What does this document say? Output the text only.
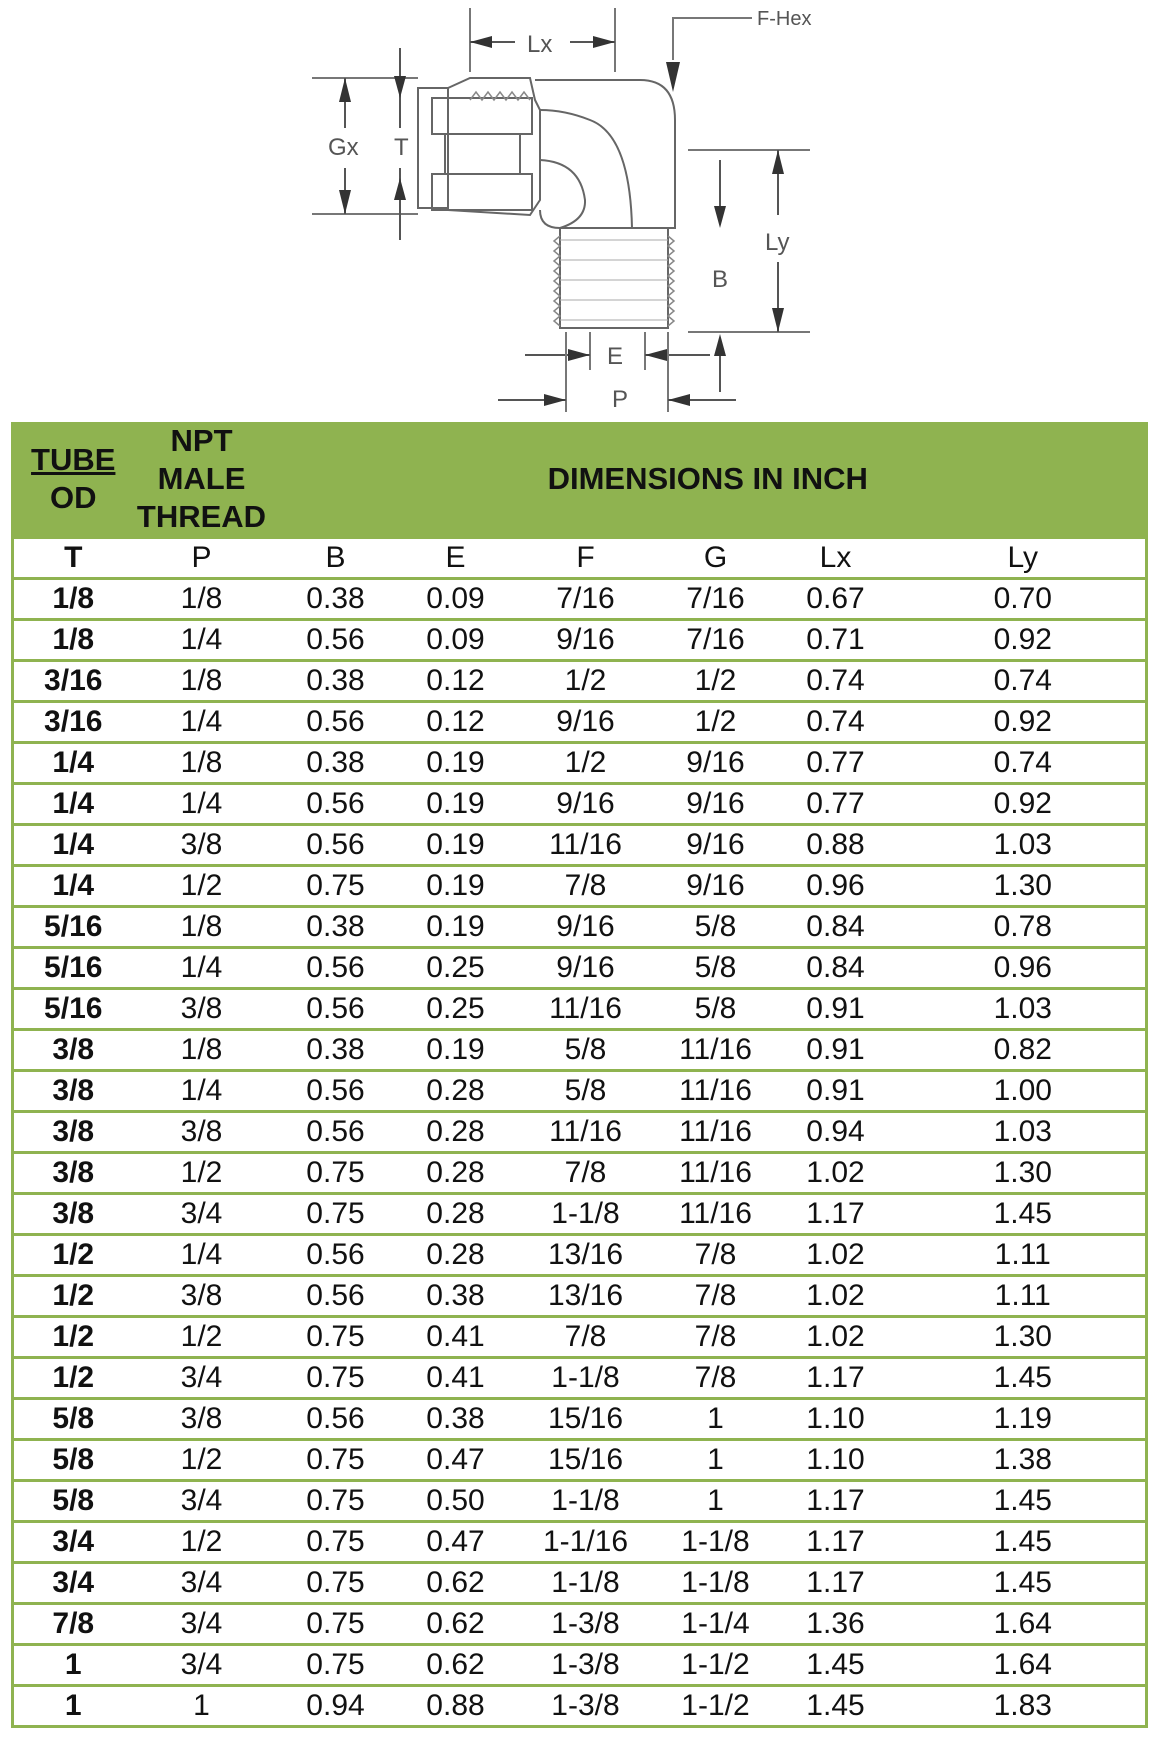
Lx
F-Hex
Gx T
Ly
B
E
P
TUBE
OD	NPT
MALE
THREAD	DIMENSIONS IN INCH					
T	P	B	E	F	G	Lx	Ly
1/8	1/8	0.38	0.09	7/16	7/16	0.67	0.70
1/8	1/4	0.56	0.09	9/16	7/16	0.71	0.92
3/16	1/8	0.38	0.12	1/2	1/2	0.74	0.74
3/16	1/4	0.56	0.12	9/16	1/2	0.74	0.92
1/4	1/8	0.38	0.19	1/2	9/16	0.77	0.74
1/4	1/4	0.56	0.19	9/16	9/16	0.77	0.92
1/4	3/8	0.56	0.19	11/16	9/16	0.88	1.03
1/4	1/2	0.75	0.19	7/8	9/16	0.96	1.30
5/16	1/8	0.38	0.19	9/16	5/8	0.84	0.78
5/16	1/4	0.56	0.25	9/16	5/8	0.84	0.96
5/16	3/8	0.56	0.25	11/16	5/8	0.91	1.03
3/8	1/8	0.38	0.19	5/8	11/16	0.91	0.82
3/8	1/4	0.56	0.28	5/8	11/16	0.91	1.00
3/8	3/8	0.56	0.28	11/16	11/16	0.94	1.03
3/8	1/2	0.75	0.28	7/8	11/16	1.02	1.30
3/8	3/4	0.75	0.28	1-1/8	11/16	1.17	1.45
1/2	1/4	0.56	0.28	13/16	7/8	1.02	1.11
1/2	3/8	0.56	0.38	13/16	7/8	1.02	1.11
1/2	1/2	0.75	0.41	7/8	7/8	1.02	1.30
1/2	3/4	0.75	0.41	1-1/8	7/8	1.17	1.45
5/8	3/8	0.56	0.38	15/16	1	1.10	1.19
5/8	1/2	0.75	0.47	15/16	1	1.10	1.38
5/8	3/4	0.75	0.50	1-1/8	1	1.17	1.45
3/4	1/2	0.75	0.47	1-1/16	1-1/8	1.17	1.45
3/4	3/4	0.75	0.62	1-1/8	1-1/8	1.17	1.45
7/8	3/4	0.75	0.62	1-3/8	1-1/4	1.36	1.64
1	3/4	0.75	0.62	1-3/8	1-1/2	1.45	1.64
1	1	0.94	0.88	1-3/8	1-1/2	1.45	1.83
